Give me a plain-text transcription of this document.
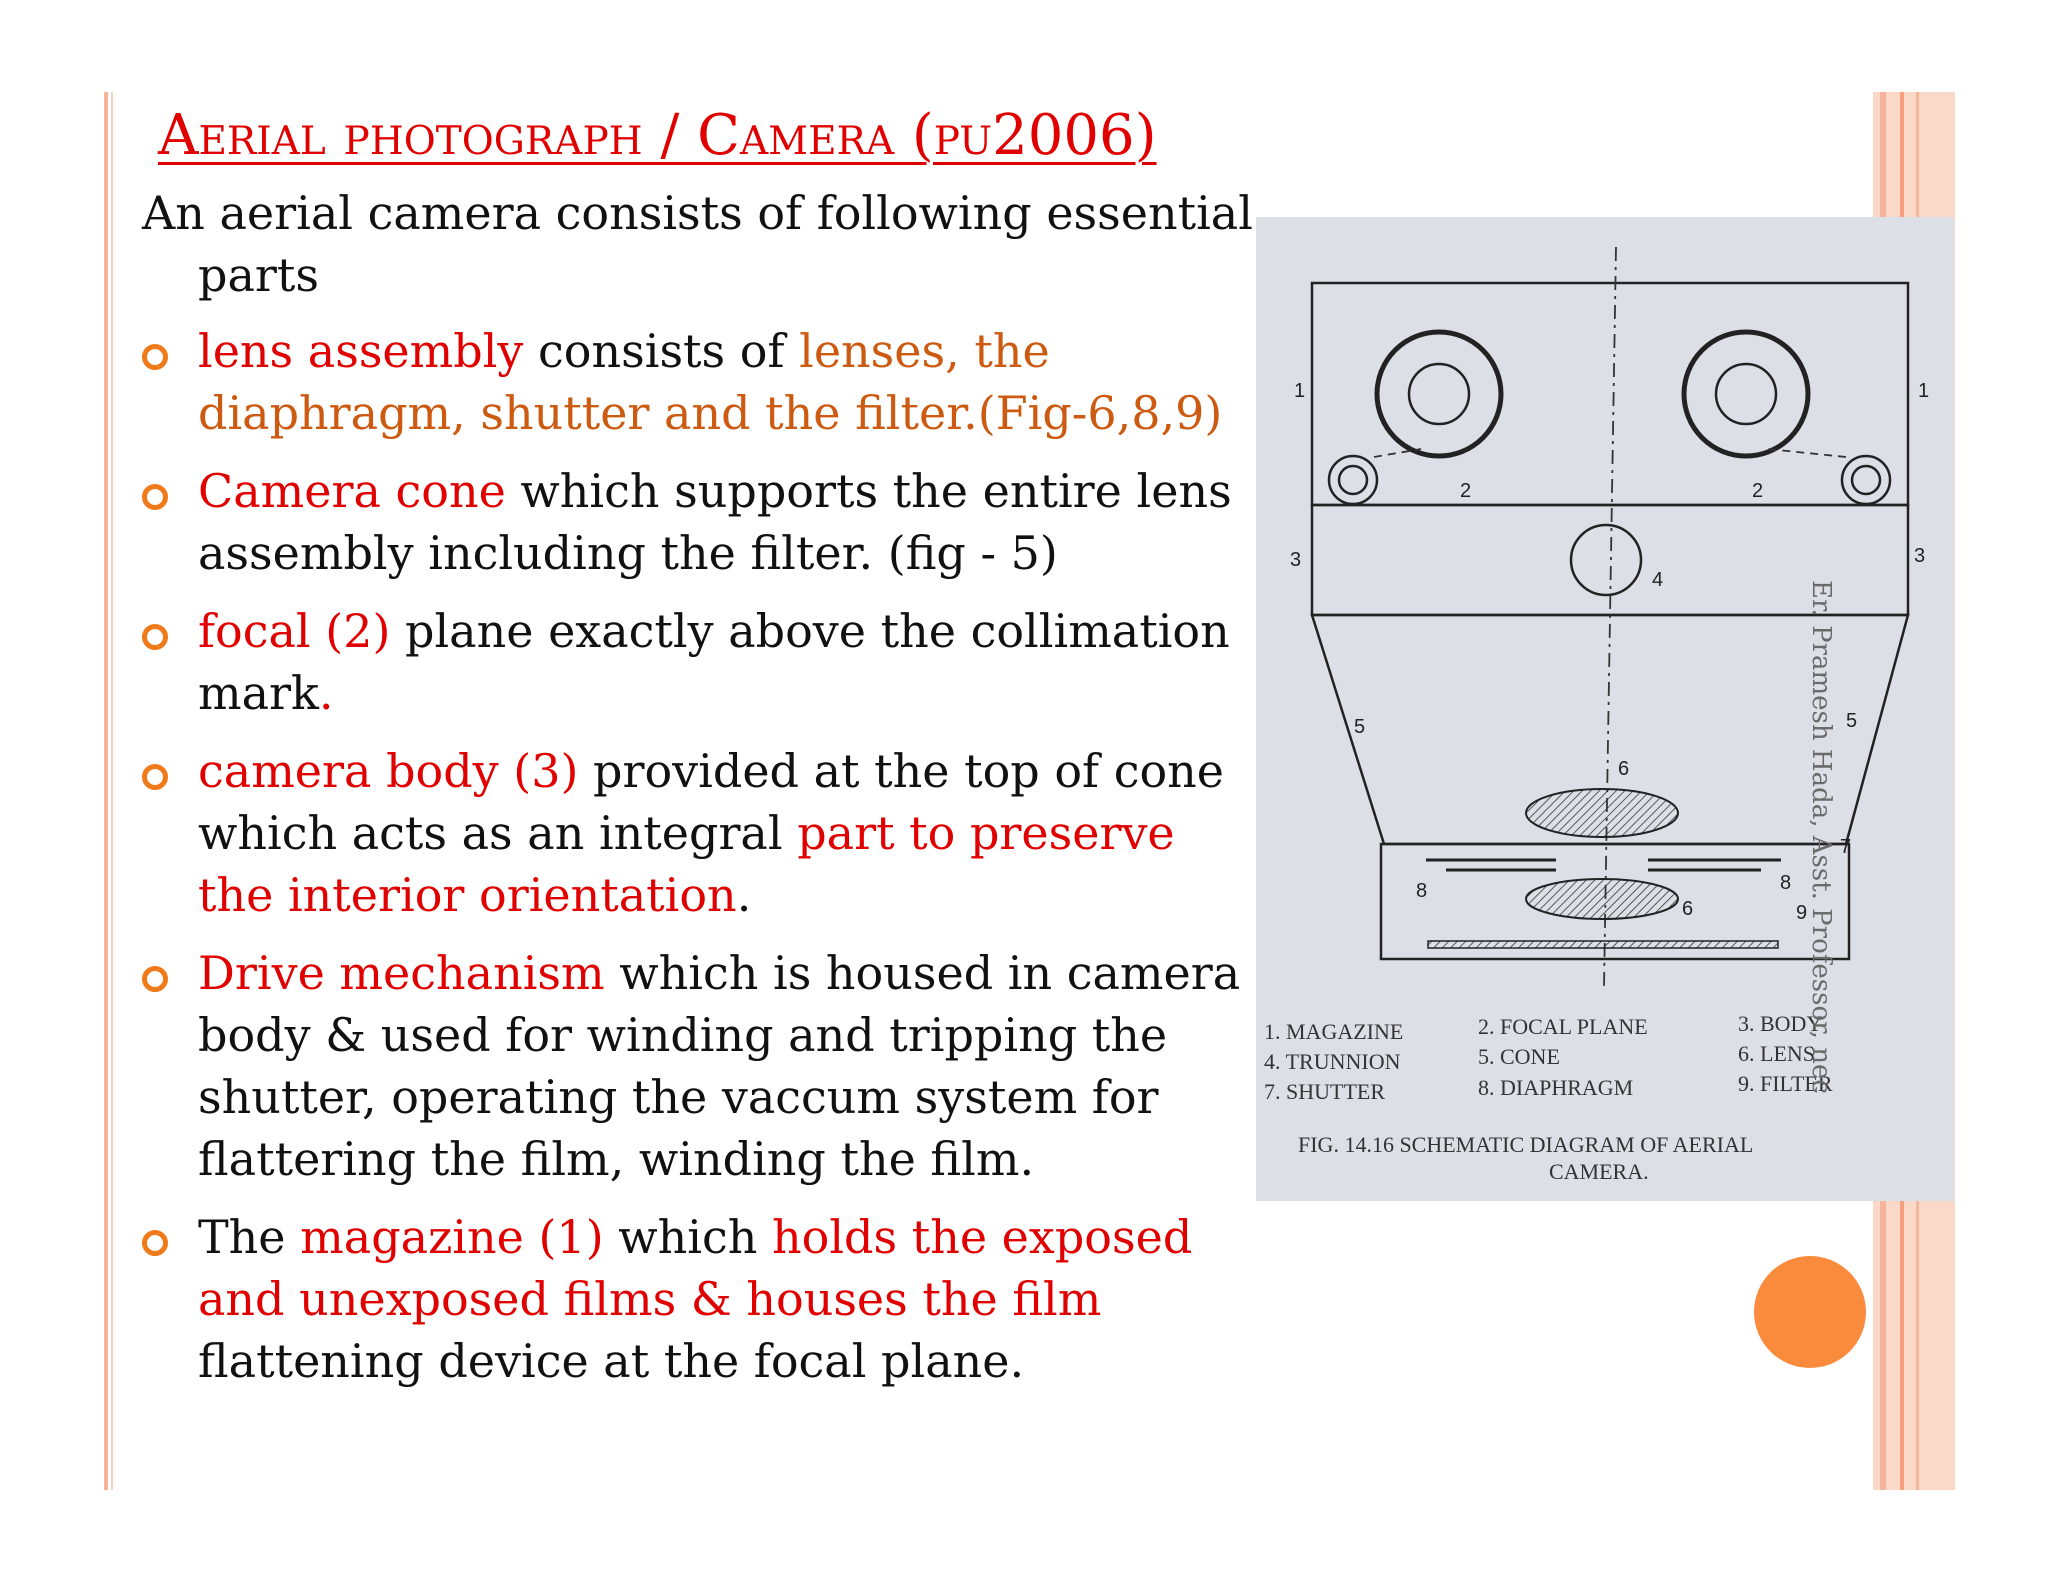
Aerial photograph / Camera (pu2006)

An aerial camera consists of following essential parts

lens assembly consists of lenses, the diaphragm, shutter and the filter.(Fig-6,8,9)
Camera cone which supports the entire lens assembly including the filter. (fig - 5)
focal (2) plane exactly above the collimation mark.
camera body (3) provided at the top of cone which acts as an integral part to preserve the interior orientation.
Drive mechanism which is housed in camera body & used for winding and tripping the shutter, operating the vaccum system for flattering the film, winding the film.
The magazine (1) which holds the exposed and unexposed films & houses the film flattening device at the focal plane.
1	1
2	2
3	3
4
5	5
6
6
7
8	8
9
1. MAGAZINE	2. FOCAL PLANE	3. BODY
4. TRUNNION	5. CONE	6. LENS
7. SHUTTER	8. DIAPHRAGM	9. FILTER
FIG. 14.16 SCHEMATIC DIAGRAM OF AERIAL
CAMERA.
Er. Pramesh Hada, Asst. Professor, nec
